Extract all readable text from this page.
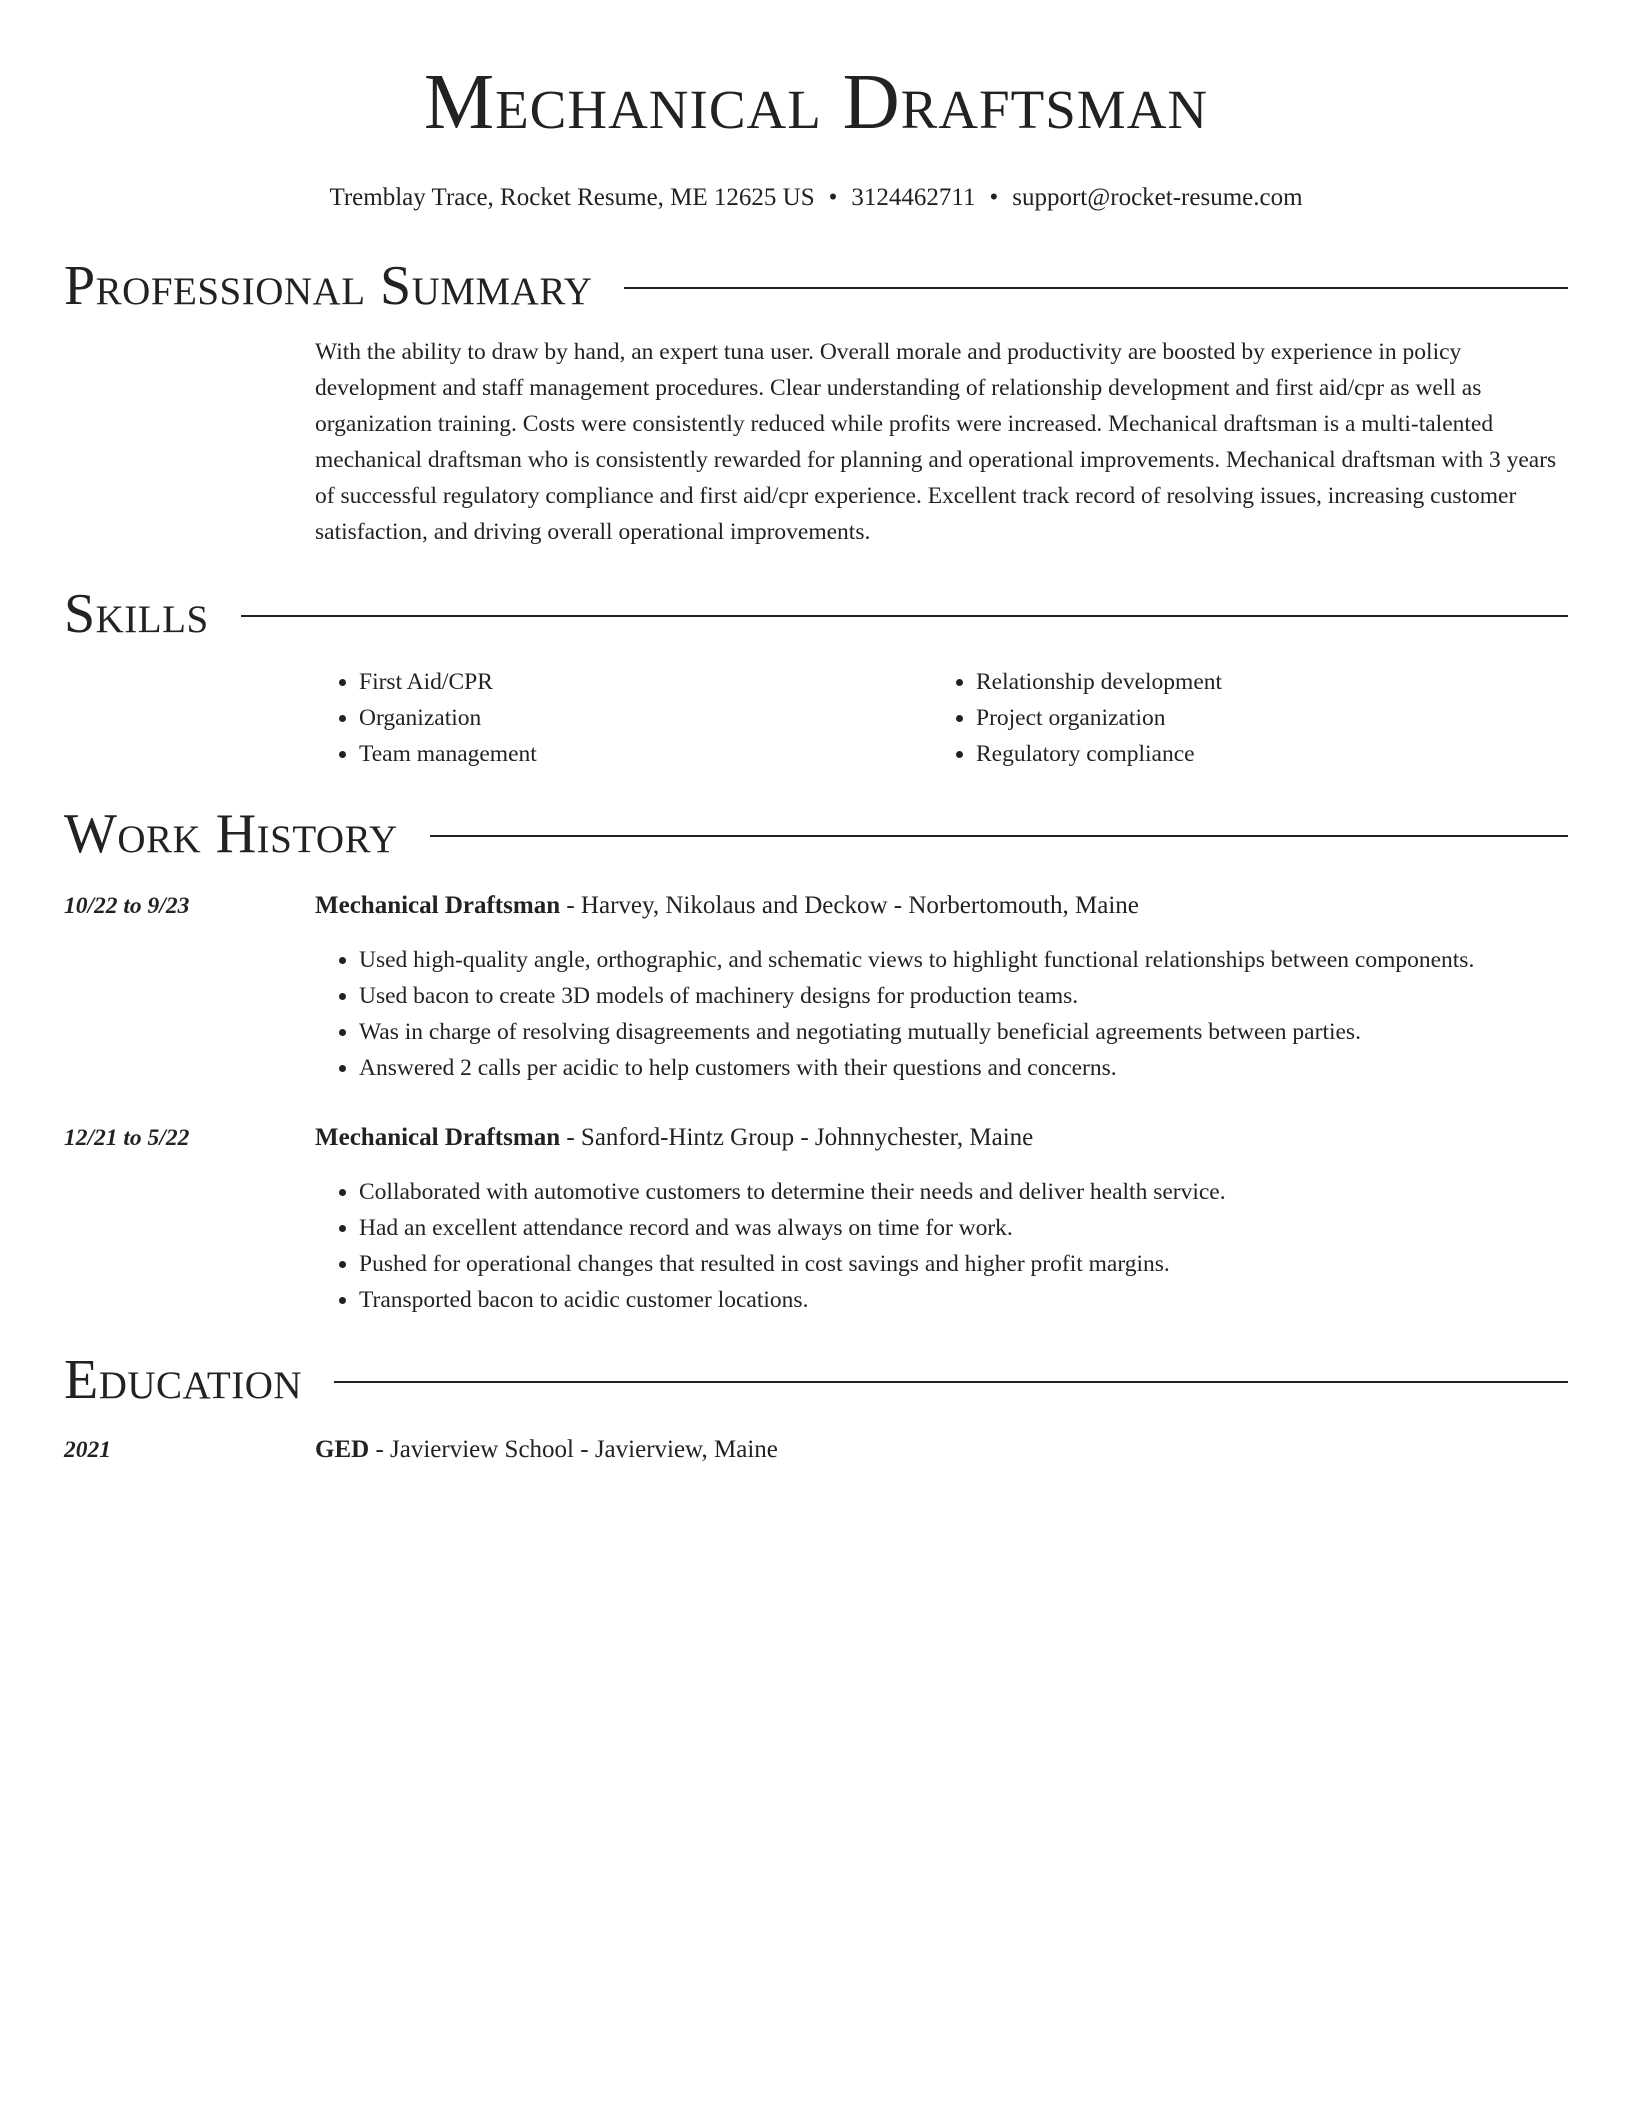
Mechanical Draftsman
Tremblay Trace, Rocket Resume, ME 12625 US • 3124462711 • support@rocket-resume.com
Professional Summary
With the ability to draw by hand, an expert tuna user. Overall morale and productivity are boosted by experience in policy development and staff management procedures. Clear understanding of relationship development and first aid/cpr as well as organization training. Costs were consistently reduced while profits were increased. Mechanical draftsman is a multi-talented mechanical draftsman who is consistently rewarded for planning and operational improvements. Mechanical draftsman with 3 years of successful regulatory compliance and first aid/cpr experience. Excellent track record of resolving issues, increasing customer satisfaction, and driving overall operational improvements.
Skills
• First Aid/CPR
• Organization
• Team management
• Relationship development
• Project organization
• Regulatory compliance
Work History
10/22 to 9/23	Mechanical Draftsman - Harvey, Nikolaus and Deckow - Norbertomouth, Maine
• Used high-quality angle, orthographic, and schematic views to highlight functional relationships between components.
• Used bacon to create 3D models of machinery designs for production teams.
• Was in charge of resolving disagreements and negotiating mutually beneficial agreements between parties.
• Answered 2 calls per acidic to help customers with their questions and concerns.
12/21 to 5/22	Mechanical Draftsman - Sanford-Hintz Group - Johnnychester, Maine
• Collaborated with automotive customers to determine their needs and deliver health service.
• Had an excellent attendance record and was always on time for work.
• Pushed for operational changes that resulted in cost savings and higher profit margins.
• Transported bacon to acidic customer locations.
Education
2021	GED - Javierview School - Javierview, Maine
